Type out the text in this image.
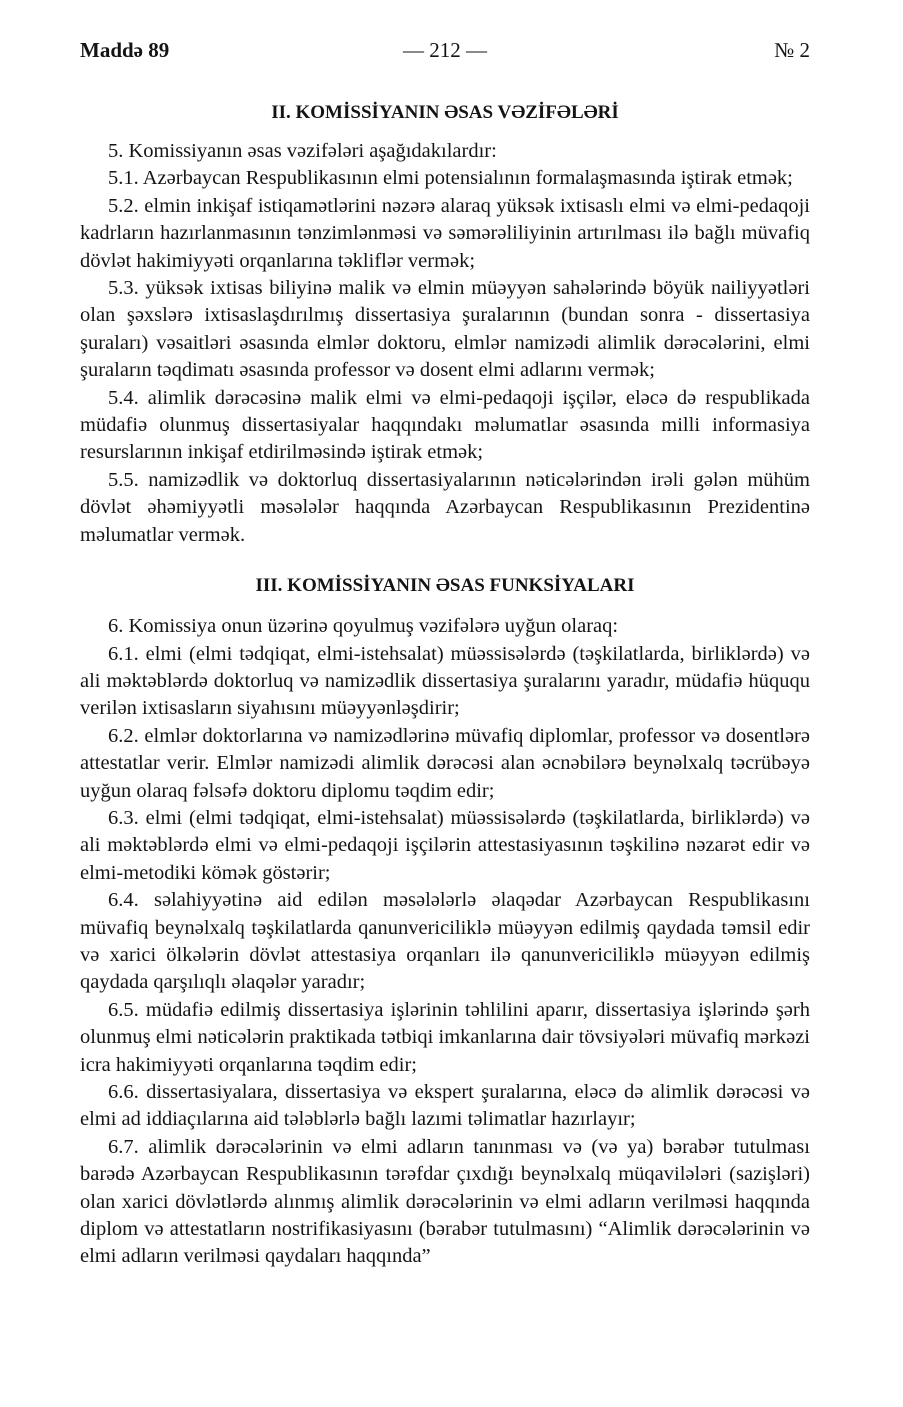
Maddə 89	— 212 —	№ 2
II. KOMİSSİYANIN ƏSAS VƏZİFƏLƏRİ

5. Komissiyanın əsas vəzifələri aşağıdakılardır:

5.1. Azərbaycan Respublikasının elmi potensialının formalaşmasında iştirak etmək;

5.2. elmin inkişaf istiqamətlərini nəzərə alaraq yüksək ixtisaslı elmi və elmi-pedaqoji kadrların hazırlanmasının tənzimlənməsi və səmərəliliyinin artırılması ilə bağlı müvafiq dövlət hakimiyyəti orqanlarına təkliflər vermək;

5.3. yüksək ixtisas biliyinə malik və elmin müəyyən sahələrində böyük nailiyyətləri olan şəxslərə ixtisaslaşdırılmış dissertasiya şuralarının (bundan sonra - dissertasiya şuraları) vəsaitləri əsasında elmlər doktoru, elmlər namizədi alimlik dərəcələrini, elmi şuraların təqdimatı əsasında professor və dosent elmi adlarını vermək;

5.4. alimlik dərəcəsinə malik elmi və elmi-pedaqoji işçilər, eləcə də respublikada müdafiə olunmuş dissertasiyalar haqqındakı məlumatlar əsasında milli informasiya resurslarının inkişaf etdirilməsində iştirak etmək;

5.5. namizədlik və doktorluq dissertasiyalarının nəticələrindən irəli gələn mühüm dövlət əhəmiyyətli məsələlər haqqında Azərbaycan Respublikasının Prezidentinə məlumatlar vermək.

III. KOMİSSİYANIN ƏSAS FUNKSİYALARI

6. Komissiya onun üzərinə qoyulmuş vəzifələrə uyğun olaraq:

6.1. elmi (elmi tədqiqat, elmi-istehsalat) müəssisələrdə (təşkilatlarda, birliklərdə) və ali məktəblərdə doktorluq və namizədlik dissertasiya şuralarını yaradır, müdafiə hüququ verilən ixtisasların siyahısını müəyyənləşdirir;

6.2. elmlər doktorlarına və namizədlərinə müvafiq diplomlar, professor və dosentlərə attestatlar verir. Elmlər namizədi alimlik dərəcəsi alan əcnəbilərə beynəlxalq təcrübəyə uyğun olaraq fəlsəfə doktoru diplomu təqdim edir;

6.3. elmi (elmi tədqiqat, elmi-istehsalat) müəssisələrdə (təşkilatlarda, birliklərdə) və ali məktəblərdə elmi və elmi-pedaqoji işçilərin attestasiyasının təşkilinə nəzarət edir və elmi-metodiki kömək göstərir;

6.4. səlahiyyətinə aid edilən məsələlərlə əlaqədar Azərbaycan Respublikasını müvafiq beynəlxalq təşkilatlarda qanunvericiliklə müəyyən edilmiş qaydada təmsil edir və xarici ölkələrin dövlət attestasiya orqanları ilə qanunvericiliklə müəyyən edilmiş qaydada qarşılıqlı əlaqələr yaradır;

6.5. müdafiə edilmiş dissertasiya işlərinin təhlilini aparır, dissertasiya işlərində şərh olunmuş elmi nəticələrin praktikada tətbiqi imkanlarına dair tövsiyələri müvafiq mərkəzi icra hakimiyyəti orqanlarına təqdim edir;

6.6. dissertasiyalara, dissertasiya və ekspert şuralarına, eləcə də alimlik dərəcəsi və elmi ad iddiaçılarına aid tələblərlə bağlı lazımi təlimatlar hazırlayır;

6.7. alimlik dərəcələrinin və elmi adların tanınması və (və ya) bərabər tutulması barədə Azərbaycan Respublikasının tərəfdar çıxdığı beynəlxalq müqavilələri (sazişləri) olan xarici dövlətlərdə alınmış alimlik dərəcələrinin və elmi adların verilməsi haqqında diplom və attestatların nostrifikasiyasını (bərabər tutulmasını) “Alimlik dərəcələrinin və elmi adların verilməsi qaydaları haqqında”
